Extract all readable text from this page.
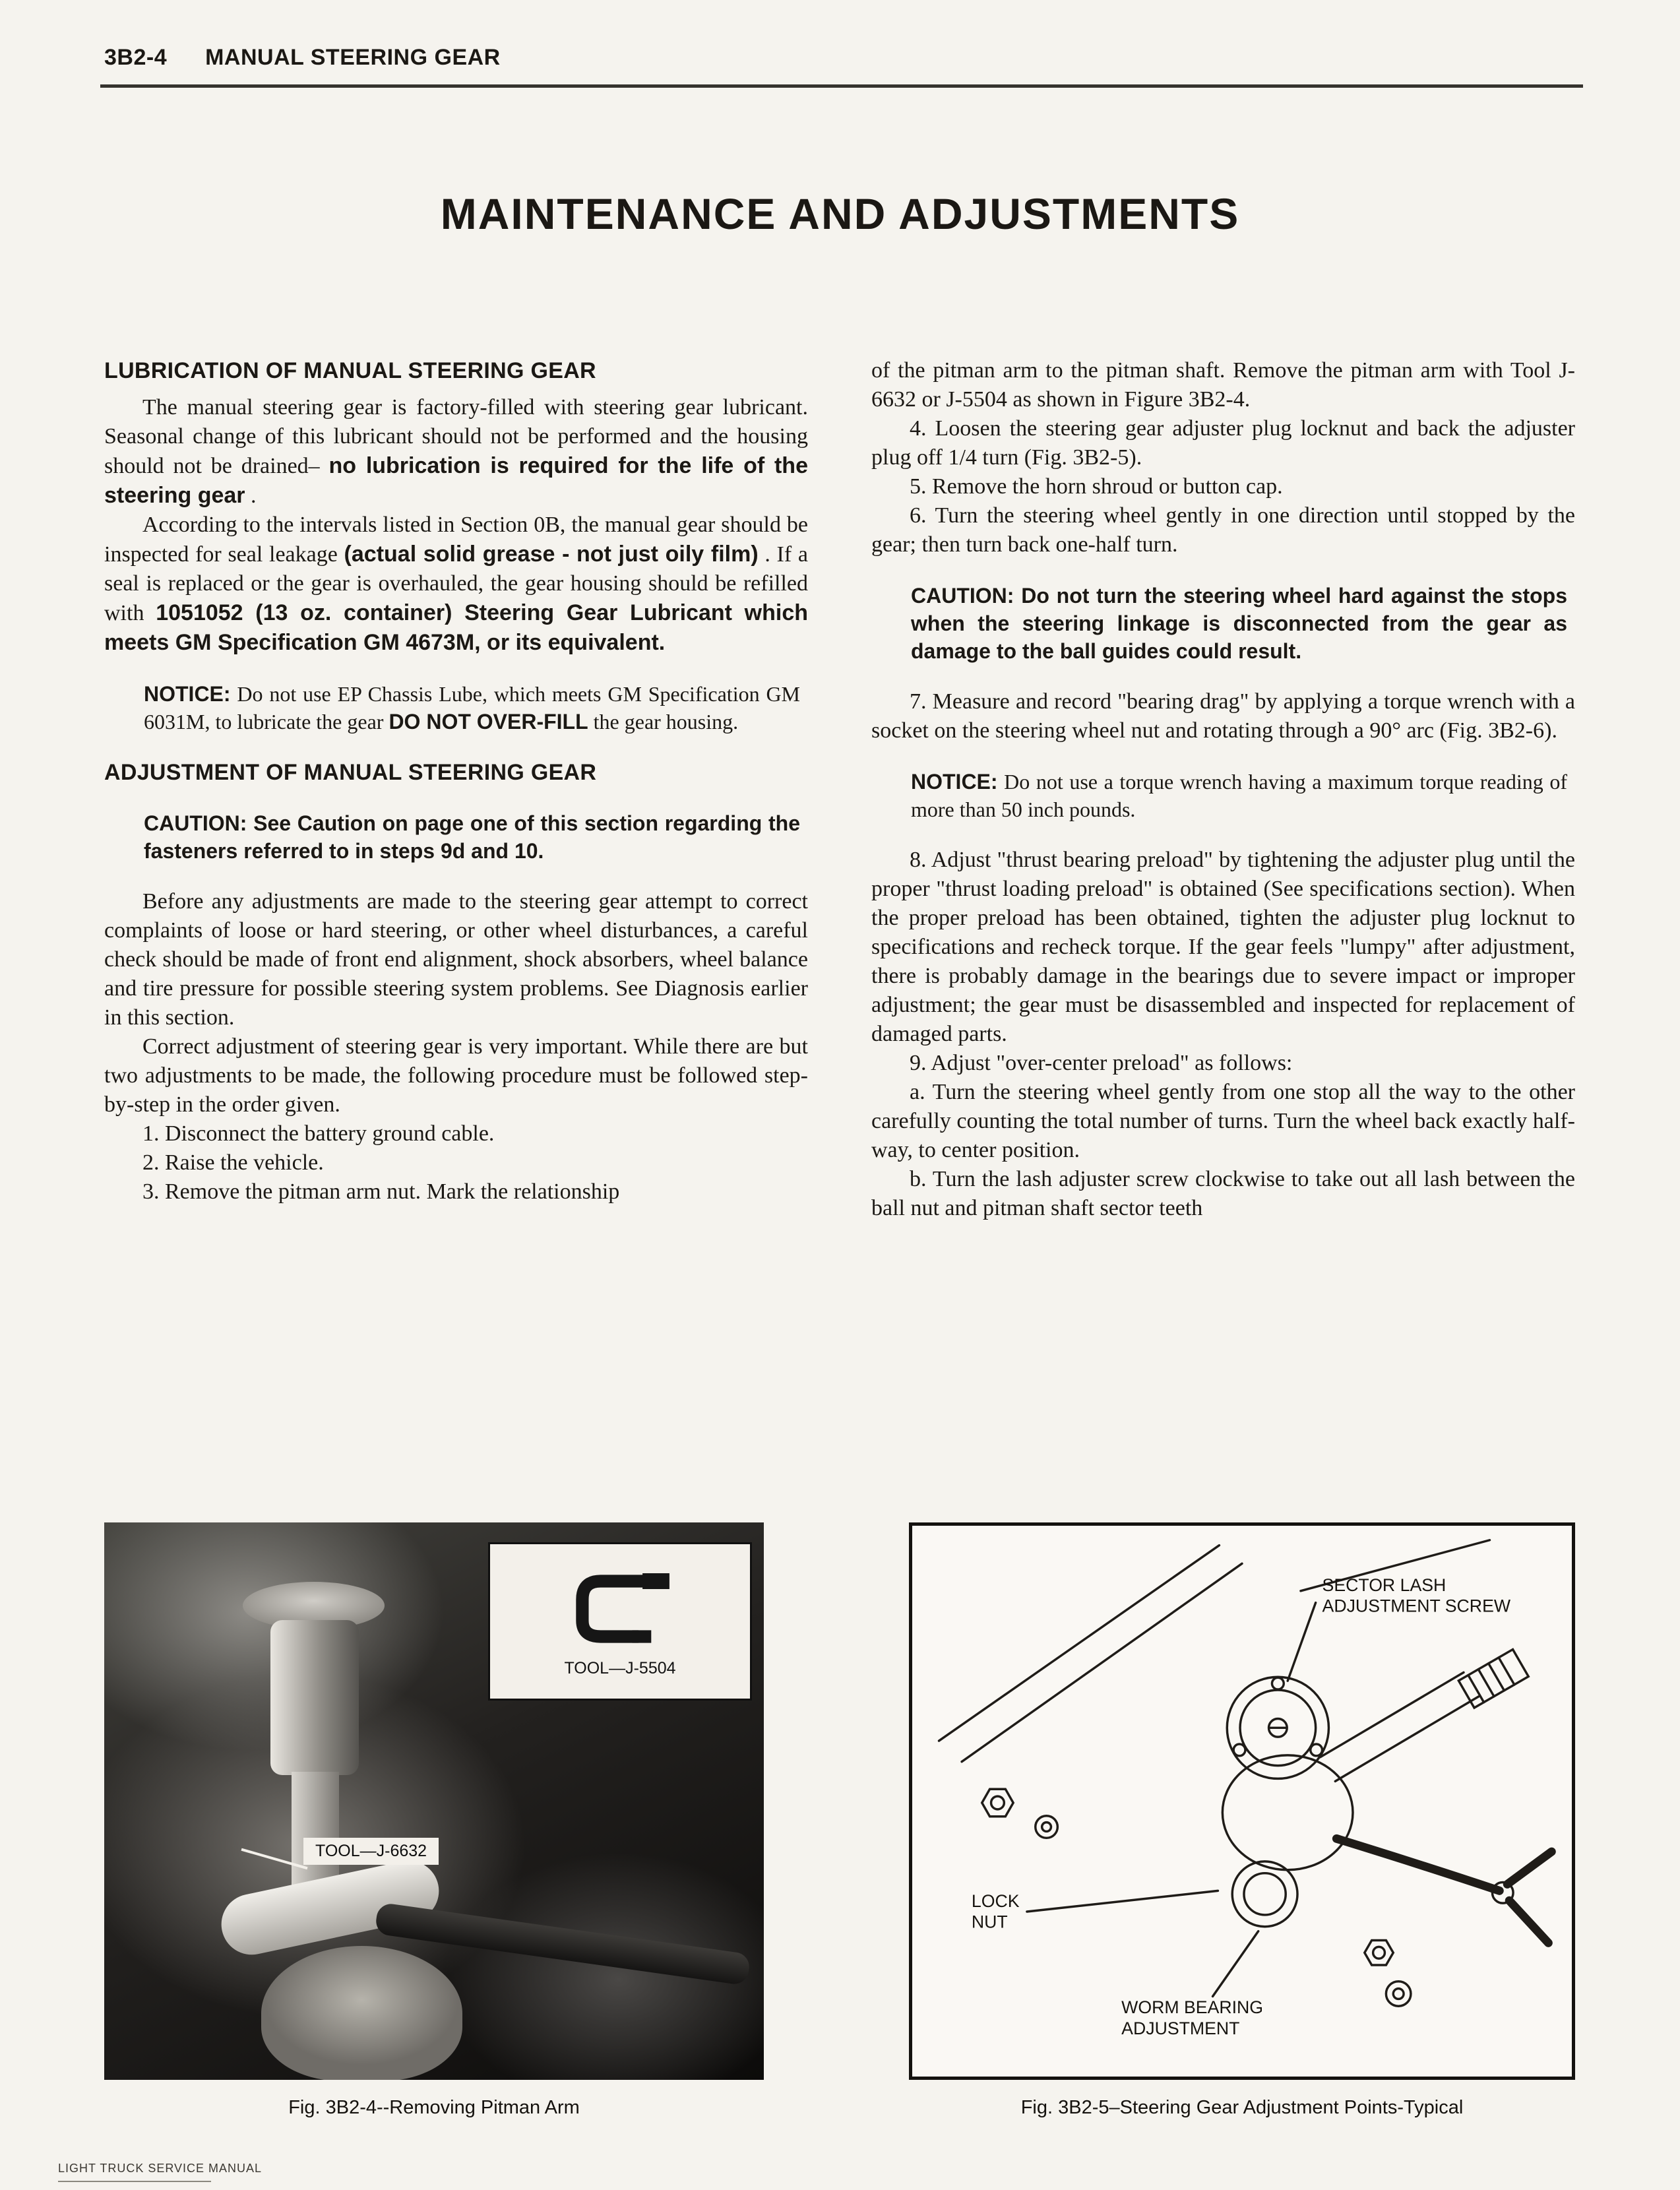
3B2-4 MANUAL STEERING GEAR
MAINTENANCE AND ADJUSTMENTS
LUBRICATION OF MANUAL STEERING GEAR

The manual steering gear is factory-filled with steering gear lubricant. Seasonal change of this lubricant should not be performed and the housing should not be drained– no lubrication is required for the life of the steering gear .

According to the intervals listed in Section 0B, the manual gear should be inspected for seal leakage (actual solid grease - not just oily film) . If a seal is replaced or the gear is overhauled, the gear housing should be refilled with 1051052 (13 oz. container) Steering Gear Lubricant which meets GM Specification GM 4673M, or its equivalent.

NOTICE: Do not use EP Chassis Lube, which meets GM Specification GM 6031M, to lubricate the gear DO NOT OVER-FILL the gear housing.

ADJUSTMENT OF MANUAL STEERING GEAR

CAUTION: See Caution on page one of this section regarding the fasteners referred to in steps 9d and 10.

Before any adjustments are made to the steering gear attempt to correct complaints of loose or hard steering, or other wheel disturbances, a careful check should be made of front end alignment, shock absorbers, wheel balance and tire pressure for possible steering system problems. See Diagnosis earlier in this section.

Correct adjustment of steering gear is very important. While there are but two adjustments to be made, the following procedure must be followed step-by-step in the order given.

1. Disconnect the battery ground cable.

2. Raise the vehicle.

3. Remove the pitman arm nut. Mark the relationship

of the pitman arm to the pitman shaft. Remove the pitman arm with Tool J-6632 or J-5504 as shown in Figure 3B2-4.

4. Loosen the steering gear adjuster plug locknut and back the adjuster plug off 1/4 turn (Fig. 3B2-5).

5. Remove the horn shroud or button cap.

6. Turn the steering wheel gently in one direction until stopped by the gear; then turn back one-half turn.

CAUTION: Do not turn the steering wheel hard against the stops when the steering linkage is disconnected from the gear as damage to the ball guides could result.

7. Measure and record "bearing drag" by applying a torque wrench with a socket on the steering wheel nut and rotating through a 90° arc (Fig. 3B2-6).

NOTICE: Do not use a torque wrench having a maximum torque reading of more than 50 inch pounds.

8. Adjust "thrust bearing preload" by tightening the adjuster plug until the proper "thrust loading preload" is obtained (See specifications section). When the proper preload has been obtained, tighten the adjuster plug locknut to specifications and recheck torque. If the gear feels "lumpy" after adjustment, there is probably damage in the bearings due to severe impact or improper adjustment; the gear must be disassembled and inspected for replacement of damaged parts.

9. Adjust "over-center preload" as follows:

a. Turn the steering wheel gently from one stop all the way to the other carefully counting the total number of turns. Turn the wheel back exactly half-way, to center position.

b. Turn the lash adjuster screw clockwise to take out all lash between the ball nut and pitman shaft sector teeth

TOOL—J-5504
TOOL—J-6632
Fig. 3B2-4--Removing Pitman Arm
SECTOR LASH
ADJUSTMENT SCREW
LOCK
NUT
WORM BEARING
ADJUSTMENT
Fig. 3B2-5–Steering Gear Adjustment Points-Typical
LIGHT TRUCK SERVICE MANUAL
